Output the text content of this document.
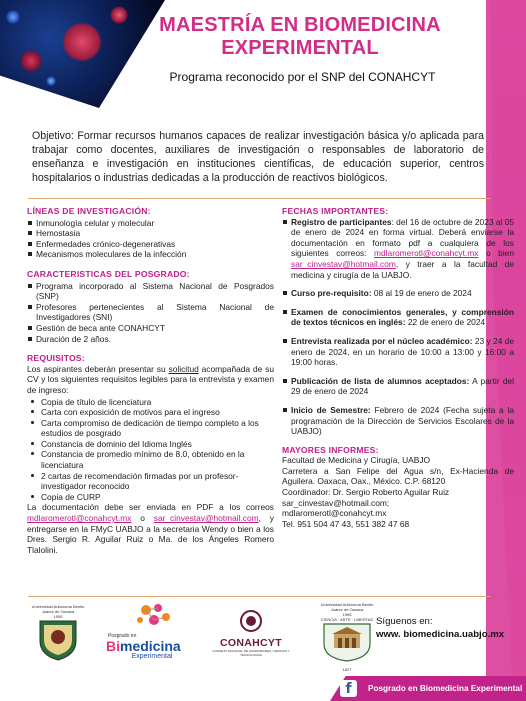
MAESTRÍA EN BIOMEDICINA
EXPERIMENTAL
Programa reconocido por el SNP del CONAHCYT

Objetivo: Formar recursos humanos capaces de realizar investigación básica y/o aplicada para trabajar como docentes, auxiliares de investigación o responsables de laboratorio de enseñanza e investigación en instituciones científicas, de educación superior, centros hospitalarios o industrias dedicadas a la producción de reactivos biológicos.

LÍNEAS DE INVESTIGACIÓN:
Inmunología celular y molecular
Hemostasia
Enfermedades crónico-degenerativas
Mecanismos moleculares de la infección
CARACTERISTICAS DEL POSGRADO:
Programa incorporado al Sistema Nacional de Posgrados (SNP)
Profesores pertenecientes al Sistema Nacional de Investigadores (SNI)
Gestión de beca ante CONAHCYT
Duración de 2 años.
REQUISITOS:

Los aspirantes deberán presentar su solicitud acompañada de su CV y los siguientes requisitos legibles para la entrevista y examen de ingreso:

Copia de título de licenciatura
Carta con exposición de motivos para el ingreso
Carta compromiso de dedicación de tiempo completo a los estudios de posgrado
Constancia de dominio del Idioma Inglés
Constancia de promedio mínimo de 8.0, obtenido en la licenciatura
2 cartas de recomendación firmadas por un profesor-investigador reconocido
Copia de CURP

La documentación debe ser enviada en PDF a los correos mdlaromerotl@conahcyt.mx o sar_cinvestav@hotmail.com, y entregarse en la FMyC UABJO a la secretaria Wendy o bien a los Dres. Sergio R. Aguilar Ruiz o Ma. de los Ángeles Romero Tlalolini.

FECHAS IMPORTANTES:
Registro de participantes: del 16 de octubre de 2023 al 05 de enero de 2024 en forma virtual. Deberá enviarse la documentación en formato pdf a cualquiera de los siguientes correos: mdlaromerotl@conahcyt.mx o bien sar_cinvestav@hotmail.com, y traer a la facultad de medicina y cirugía de la UABJO.
Curso pre-requisito: 08 al 19 de enero de 2024
Examen de conocimientos generales, y comprensión de textos técnicos en inglés: 22 de enero de 2024
Entrevista realizada por el núcleo académico: 23 y 24 de enero de 2024, en un horario de 10:00 a 13:00 y 16:00 a 19:00 horas.
Publicación de lista de alumnos aceptados: A partir del 29 de enero de 2024
Inicio de Semestre: Febrero de 2024 (Fecha sujeta a la programación de la Dirección de Servicios Escolares de la UABJO)
MAYORES INFORMES:
Facultad de Medicina y Cirugía, UABJO
Carretera a San Felipe del Agua s/n, Ex-Hacienda de Aguilera. Oaxaca, Oax., México. C.P. 68120
Coordinador: Dr. Sergio Roberto Aguilar Ruiz
sar_cinvestav@hotmail.com;
mdlaromerotl@conahcyt.mx
Tel. 951 504 47 43, 551 382 47 68
Universidad Autónoma Benito Juárez de Oaxaca
1955
Posgrado en
Bimedicina
Experimental
CONAHCYT
CONSEJO NACIONAL DE HUMANIDADES, CIENCIAS Y TECNOLOGÍAS
Universidad Autónoma Benito Juárez de Oaxaca
1955
CIENCIA · ARTE · LIBERTAD
1827
Síguenos en:
www. biomedicina.uabjo.mx
f	Posgrado en Biomedicina Experimental
